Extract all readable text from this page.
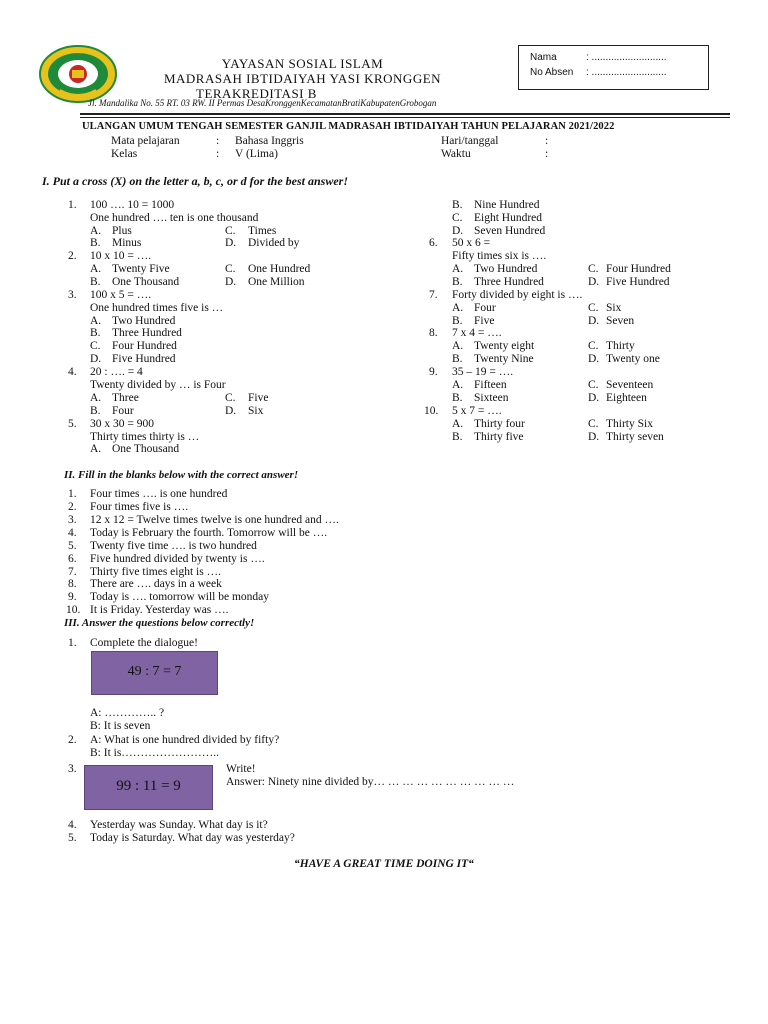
YAYASAN SOSIAL ISLAM
MADRASAH IBTIDAIYAH YASI KRONGGEN
TERAKREDITASI B
Jl. Mandalika No. 55 RT. 03 RW. II Permas DesaKronggenKecamatanBratiKabupatenGrobogan
Nama	: ...........................
No Absen : ...........................
ULANGAN UMUM TENGAH SEMESTER GANJIL MADRASAH IBTIDAIYAH TAHUN PELAJARAN 2021/2022
Mata pelajaran	: Bahasa Inggris
Kelas	: V (Lima)
Hari/tanggal	:
Waktu	:
I. Put a cross (X) on the letter a, b, c, or d for the best answer!
1. 100 …. 10 = 1000
One hundred …. ten is one thousand
A. Plus
B. Minus
C. Times
D. Divided by
2. 10 x 10 = ….
A. Twenty Five
B. One Thousand
C. One Hundred
D. One Million
3. 100 x 5 = ….
One hundred times five is …
A. Two Hundred
B. Three Hundred
C. Four Hundred
D. Five Hundred
4. 20 : …. = 4
Twenty divided by … is Four
A. Three
B. Four
C. Five
D. Six
5. 30 x 30 = 900
Thirty times thirty is …
A. One Thousand
B. Nine Hundred
C. Eight Hundred
D. Seven Hundred
6. 50 x 6 =
Fifty times six is ….
A. Two Hundred
B. Three Hundred
C. Four Hundred
D. Five Hundred
7. Forty divided by eight is ….
A. Four
B. Five
C. Six
D. Seven
8. 7 x 4 = ….
A. Twenty eight
B. Twenty Nine
C. Thirty
D. Twenty one
9. 35 – 19 = ….
A. Fifteen
B. Sixteen
C. Seventeen
D. Eighteen
10. 5 x 7 = ….
A. Thirty four
B. Thirty five
C. Thirty Six
D. Thirty seven
II. Fill in the blanks below with the correct answer!
1. Four times …. is one hundred
2. Four times five is ….
3. 12 x 12 = Twelve times twelve is one hundred and ….
4. Today is February the fourth. Tomorrow will be ….
5. Twenty five time …. is two hundred
6. Five hundred divided by twenty is ….
7. Thirty five times eight is ….
8. There are …. days in a week
9. Today is …. tomorrow will be monday
10. It is Friday. Yesterday was ….
III. Answer the questions below correctly!
1. Complete the dialogue!
49 : 7 = 7
A: ………….. ?
B: It is seven
2. A: What is one hundred divided by fifty?
B: It is……………………..
3.
99 : 11 = 9
Write!
Answer: Ninety nine divided by… … … … … … … … … …
4. Yesterday was Sunday. What day is it?
5. Today is Saturday. What day was yesterday?
“HAVE A GREAT TIME DOING IT“
